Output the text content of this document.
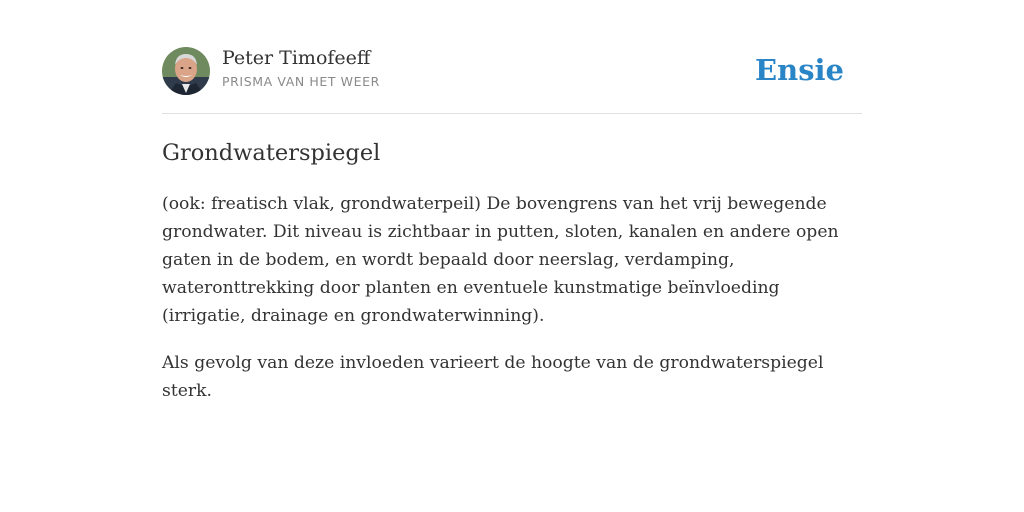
Peter Timofeeff
PRISMA VAN HET WEER	Ensie
Grondwaterspiegel

(ook: freatisch vlak, grondwaterpeil) De bovengrens van het vrij bewegende grondwater. Dit niveau is zichtbaar in putten, sloten, kanalen en andere open gaten in de bodem, en wordt bepaald door neerslag, verdamping, wateronttrekking door planten en eventuele kunstmatige beïnvloeding (irrigatie, drainage en grondwaterwinning).

Als gevolg van deze invloeden varieert de hoogte van de grondwaterspiegel sterk.
